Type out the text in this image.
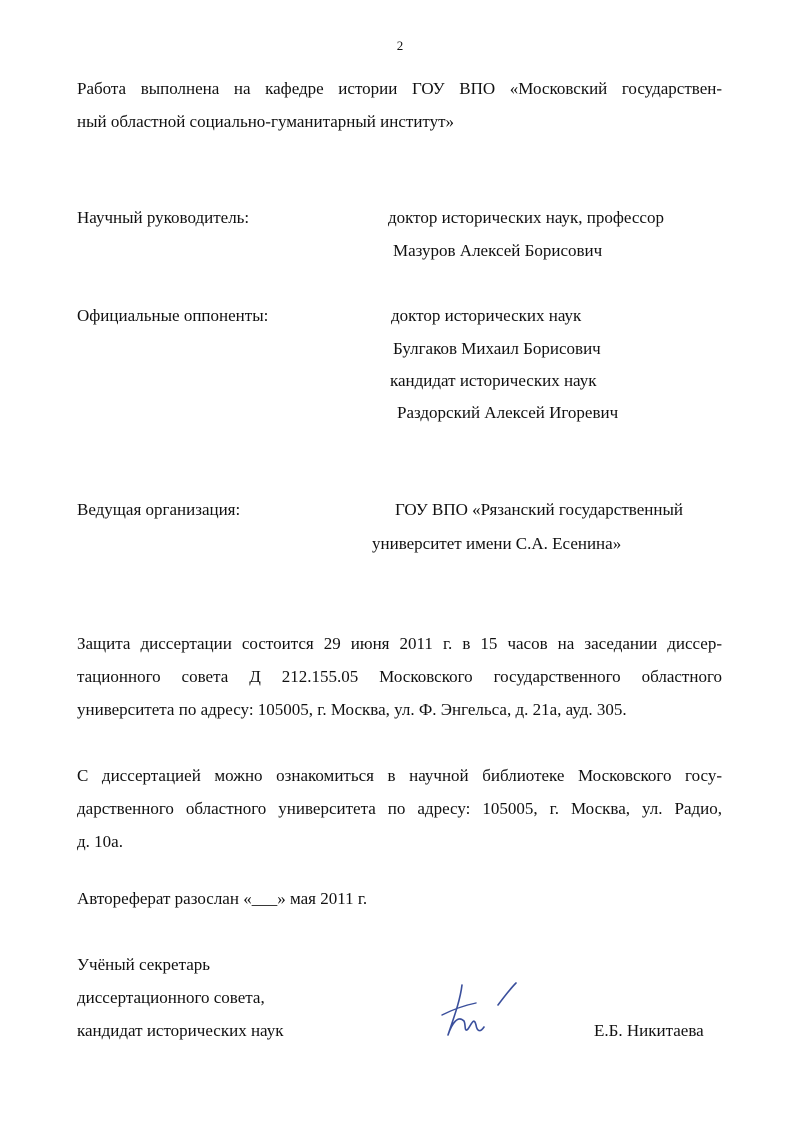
2
Работа выполнена на кафедре истории ГОУ ВПО «Московский государствен-
ный областной социально-гуманитарный институт»
Научный руководитель:	доктор исторических наук, профессор
Мазуров Алексей Борисович
Официальные оппоненты:	доктор исторических наук
Булгаков Михаил Борисович
кандидат исторических наук
Раздорский Алексей Игоревич
Ведущая организация:	ГОУ ВПО «Рязанский государственный
университет имени С.А. Есенина»
Защита диссертации состоится 29 июня 2011 г. в 15 часов на заседании диссер-
тационного совета Д 212.155.05 Московского государственного областного
университета по адресу: 105005, г. Москва, ул. Ф. Энгельса, д. 21а, ауд. 305.
С диссертацией можно ознакомиться в научной библиотеке Московского госу-
дарственного областного университета по адресу: 105005, г. Москва, ул. Радио,
д. 10а.
Автореферат разослан «___» мая 2011 г.
Учёный секретарь
диссертационного совета,
кандидат исторических наук	Е.Б. Никитаева
